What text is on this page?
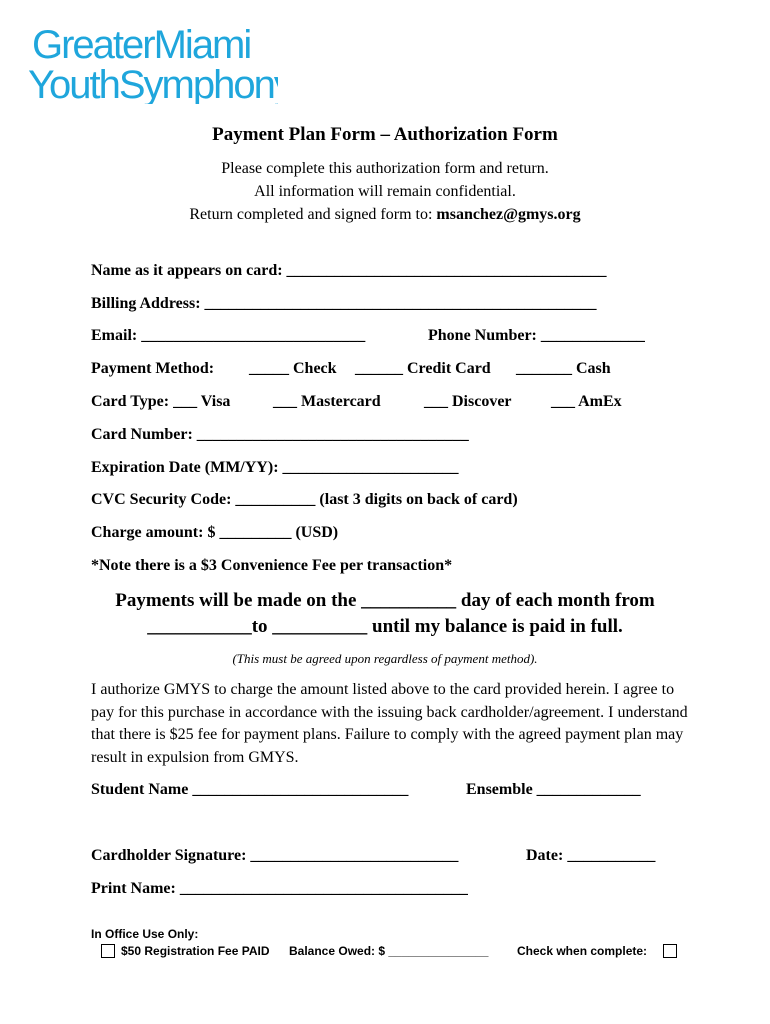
GreaterMiami
YouthSymphony
Payment Plan Form – Authorization Form
Please complete this authorization form and return.
All information will remain confidential.
Return completed and signed form to: msanchez@gmys.org
Name as it appears on card: ________________________________________
Billing Address: _________________________________________________
Email: ____________________________	Phone Number: _____________
Payment Method: _____ Check ______ Credit Card _______ Cash
Card Type: ___ Visa	___ Mastercard	___ Discover ___ AmEx
Card Number: __________________________________
Expiration Date (MM/YY): ______________________
CVC Security Code: __________ (last 3 digits on back of card)
Charge amount: $ _________ (USD)
*Note there is a $3 Convenience Fee per transaction*
Payments will be made on the __________ day of each month from
___________to __________ until my balance is paid in full.
(This must be agreed upon regardless of payment method).
I authorize GMYS to charge the amount listed above to the card provided herein. I agree to pay for this purchase in accordance with the issuing back cardholder/agreement. I understand that there is $25 fee for payment plans. Failure to comply with the agreed payment plan may result in expulsion from GMYS.
Student Name ___________________________	Ensemble _____________
Cardholder Signature: __________________________	Date: ___________
Print Name: ____________________________________
In Office Use Only:
$50 Registration Fee PAID Balance Owed: $ _______________ Check when complete:
